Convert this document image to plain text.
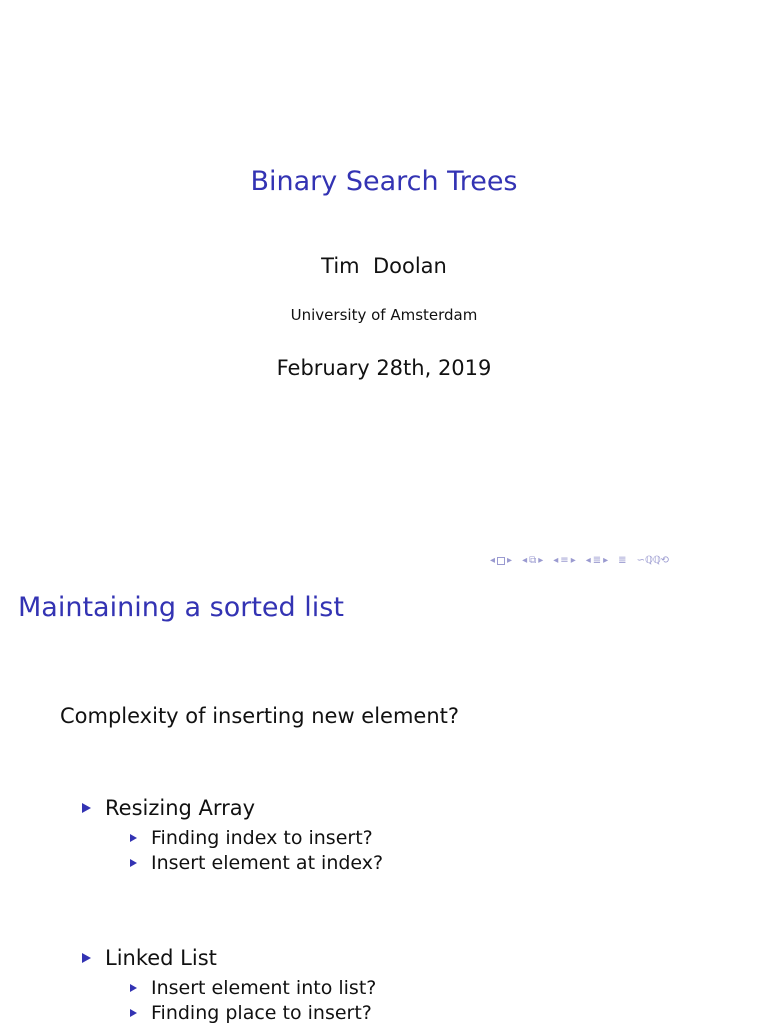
Binary Search Trees
Tim  Doolan
University of Amsterdam
February 28th, 2019
◂ ▸ ◂ ⧉ ▸ ◂ ≡ ▸ ◂ ≣ ▸ ≣ ∽ℚℚ⟲
Maintaining a sorted list
Complexity of inserting new element?
Resizing Array
Finding index to insert?
Insert element at index?
Linked List
Insert element into list?
Finding place to insert?
